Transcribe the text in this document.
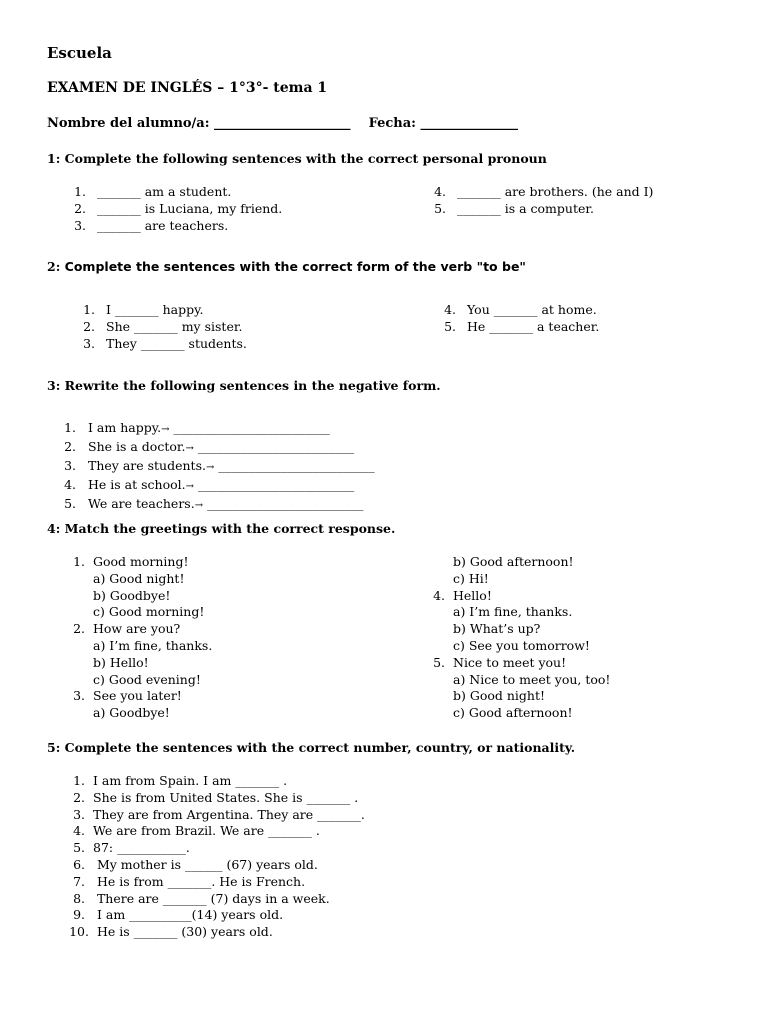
Escuela
EXAMEN DE INGLÉS – 1°3°- tema 1
Nombre del alumno/a: _____________________ Fecha: _______________
1: Complete the following sentences with the correct personal pronoun
1. _______ am a student.
2. _______ is Luciana, my friend.
3. _______ are teachers.
4. _______ are brothers. (he and I)
5. _______ is a computer.
2: Complete the sentences with the correct form of the verb "to be"
1. I _______ happy.
2. She _______ my sister.
3. They _______ students.
4. You _______ at home.
5. He _______ a teacher.
3: Rewrite the following sentences in the negative form.
1. I am happy.→ _________________________
2. She is a doctor.→ _________________________
3. They are students.→ _________________________
4. He is at school.→ _________________________
5. We are teachers.→ _________________________
4: Match the greetings with the correct response.
1. Good morning!
a) Good night!
b) Goodbye!
c) Good morning!
2. How are you?
a) I’m fine, thanks.
b) Hello!
c) Good evening!
3. See you later!
a) Goodbye!
b) Good afternoon!
c) Hi!
4. Hello!
a) I’m fine, thanks.
b) What’s up?
c) See you tomorrow!
5. Nice to meet you!
a) Nice to meet you, too!
b) Good night!
c) Good afternoon!
5: Complete the sentences with the correct number, country, or nationality.
1. I am from Spain. I am _______ .
2. She is from United States. She is _______ .
3. They are from Argentina. They are _______.
4. We are from Brazil. We are _______ .
5. 87: ___________.
6. My mother is ______ (67) years old.
7. He is from _______. He is French.
8. There are _______ (7) days in a week.
9. I am __________(14) years old.
10. He is _______ (30) years old.
